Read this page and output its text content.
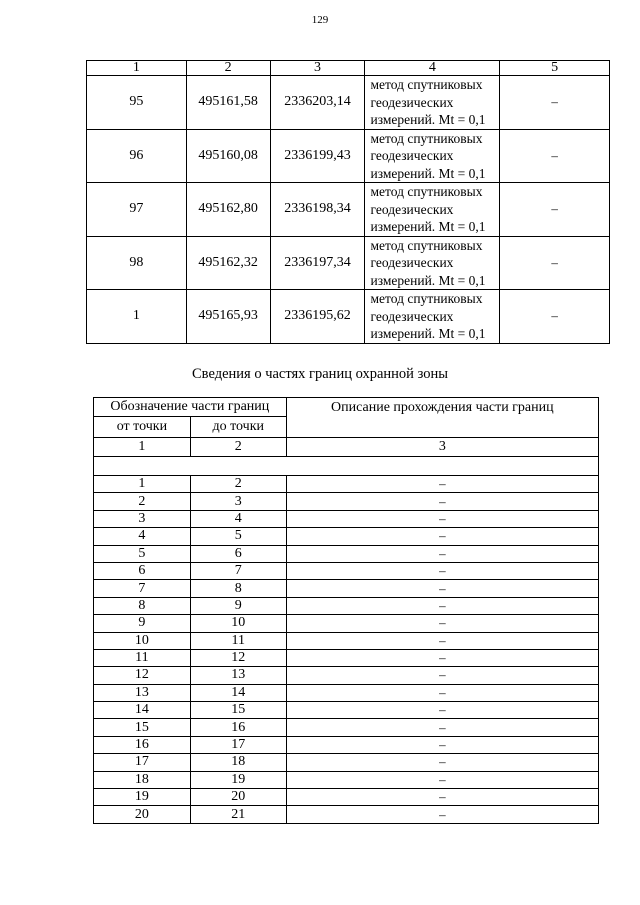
129
1	2	3	4	5
95	495161,58	2336203,14	метод спутниковых
геодезических
измерений. Mt = 0,1	–
96	495160,08	2336199,43	метод спутниковых
геодезических
измерений. Mt = 0,1	–
97	495162,80	2336198,34	метод спутниковых
геодезических
измерений. Mt = 0,1	–
98	495162,32	2336197,34	метод спутниковых
геодезических
измерений. Mt = 0,1	–
1	495165,93	2336195,62	метод спутниковых
геодезических
измерений. Mt = 0,1	–
Сведения о частях границ охранной зоны
Обозначение части границ		Описание прохождения части границ
от точки	до точки	
1	2	3

1	2	–
2	3	–
3	4	–
4	5	–
5	6	–
6	7	–
7	8	–
8	9	–
9	10	–
10	11	–
11	12	–
12	13	–
13	14	–
14	15	–
15	16	–
16	17	–
17	18	–
18	19	–
19	20	–
20	21	–
